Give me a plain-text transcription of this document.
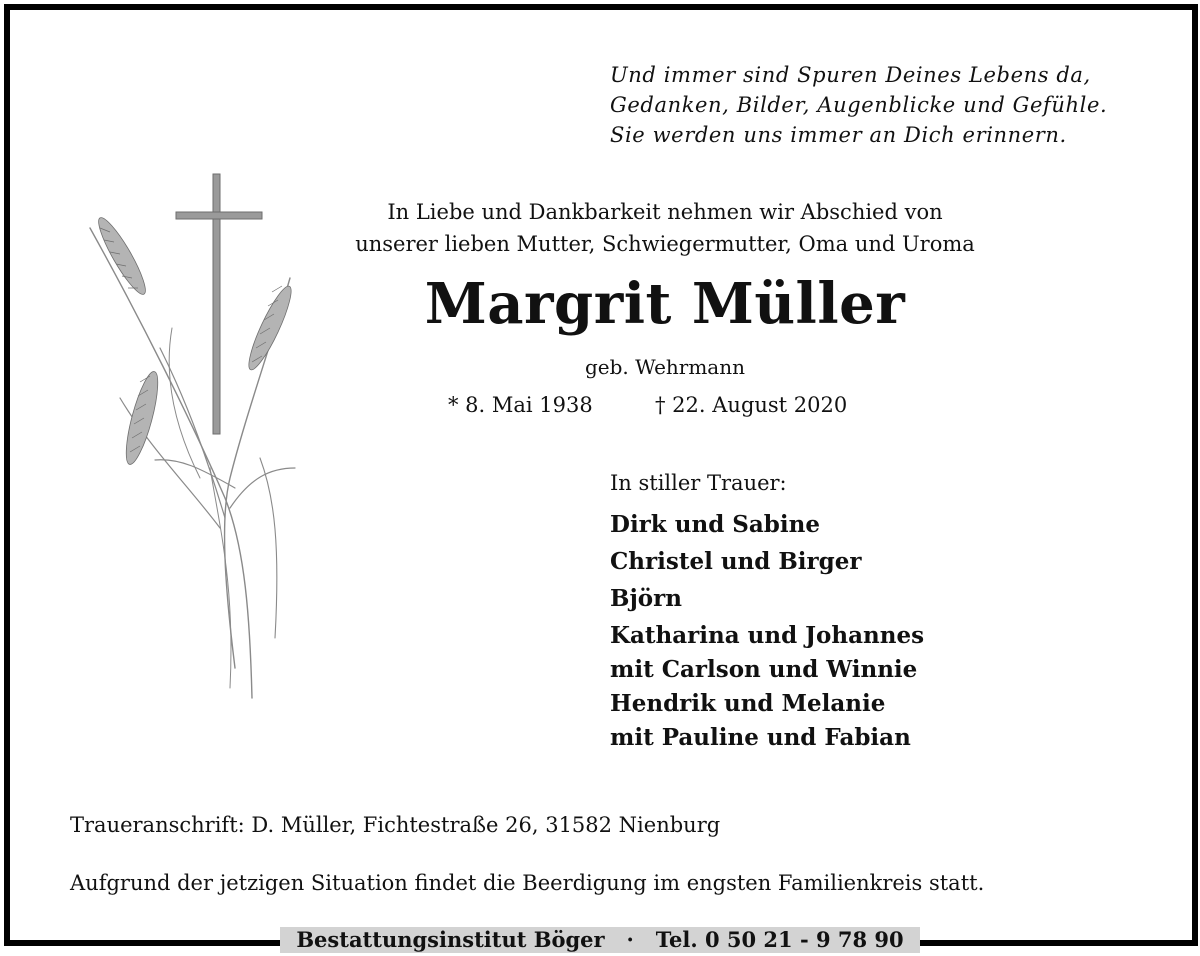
Und immer sind Spuren Deines Lebens da,
Gedanken, Bilder, Augenblicke und Gefühle.
Sie werden uns immer an Dich erinnern.
In Liebe und Dankbarkeit nehmen wir Abschied von
unserer lieben Mutter, Schwiegermutter, Oma und Uroma
Margrit Müller
geb. Wehrmann
* 8. Mai 1938	† 22. August 2020
In stiller Trauer:
Dirk und Sabine
Christel und Birger
Björn
Katharina und Johannes
mit Carlson und Winnie
Hendrik und Melanie
mit Pauline und Fabian
Traueranschrift: D. Müller, Fichtestraße 26, 31582 Nienburg
Aufgrund der jetzigen Situation findet die Beerdigung im engsten Familienkreis statt.
Bestattungsinstitut Böger · Tel. 0 50 21 - 9 78 90
